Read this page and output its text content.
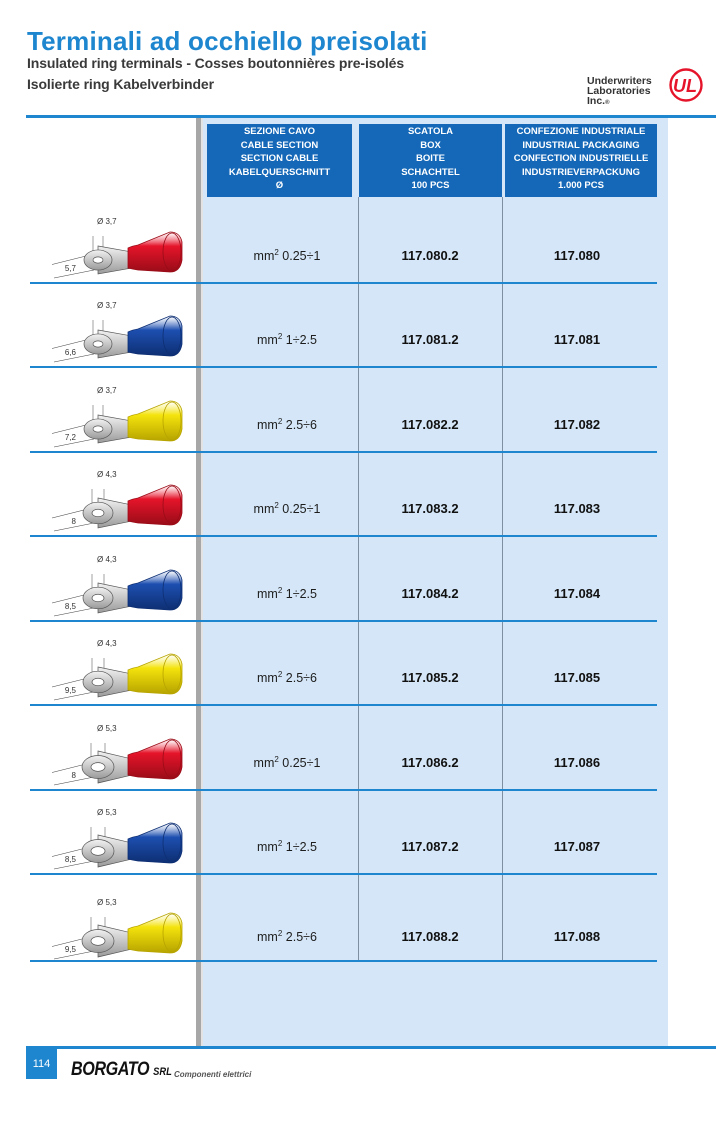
Terminali ad occhiello preisolati
Insulated ring terminals - Cosses boutonnières pre-isolés
Isolierte ring Kabelverbinder	Underwriters
Laboratories Inc.®
UL
SEZIONE CAVO
CABLE SECTION
SECTION CABLE
KABELQUERSCHNITT
Ø
SCATOLA
BOX
BOITE
SCHACHTEL
100 PCS
CONFEZIONE INDUSTRIALE
INDUSTRIAL PACKAGING
CONFECTION INDUSTRIELLE
INDUSTRIEVERPACKUNG
1.000 PCS
Ø 3,7
5,7
$mm^2$ 0.25÷1	117.080.2	117.080
Ø 3,7
6,6
$mm^2$ 1÷2.5	117.081.2	117.081
Ø 3,7
7,2
$mm^2$ 2.5÷6	117.082.2	117.082
Ø 4,3
8
$mm^2$ 0.25÷1	117.083.2	117.083
Ø 4,3
8,5
$mm^2$ 1÷2.5	117.084.2	117.084
Ø 4,3
9,5
$mm^2$ 2.5÷6	117.085.2	117.085
Ø 5,3
8
$mm^2$ 0.25÷1	117.086.2	117.086
Ø 5,3
8,5
$mm^2$ 1÷2.5	117.087.2	117.087
Ø 5,3
9,5
$mm^2$ 2.5÷6	117.088.2	117.088
114	BORGATO SRL Componenti elettrici
